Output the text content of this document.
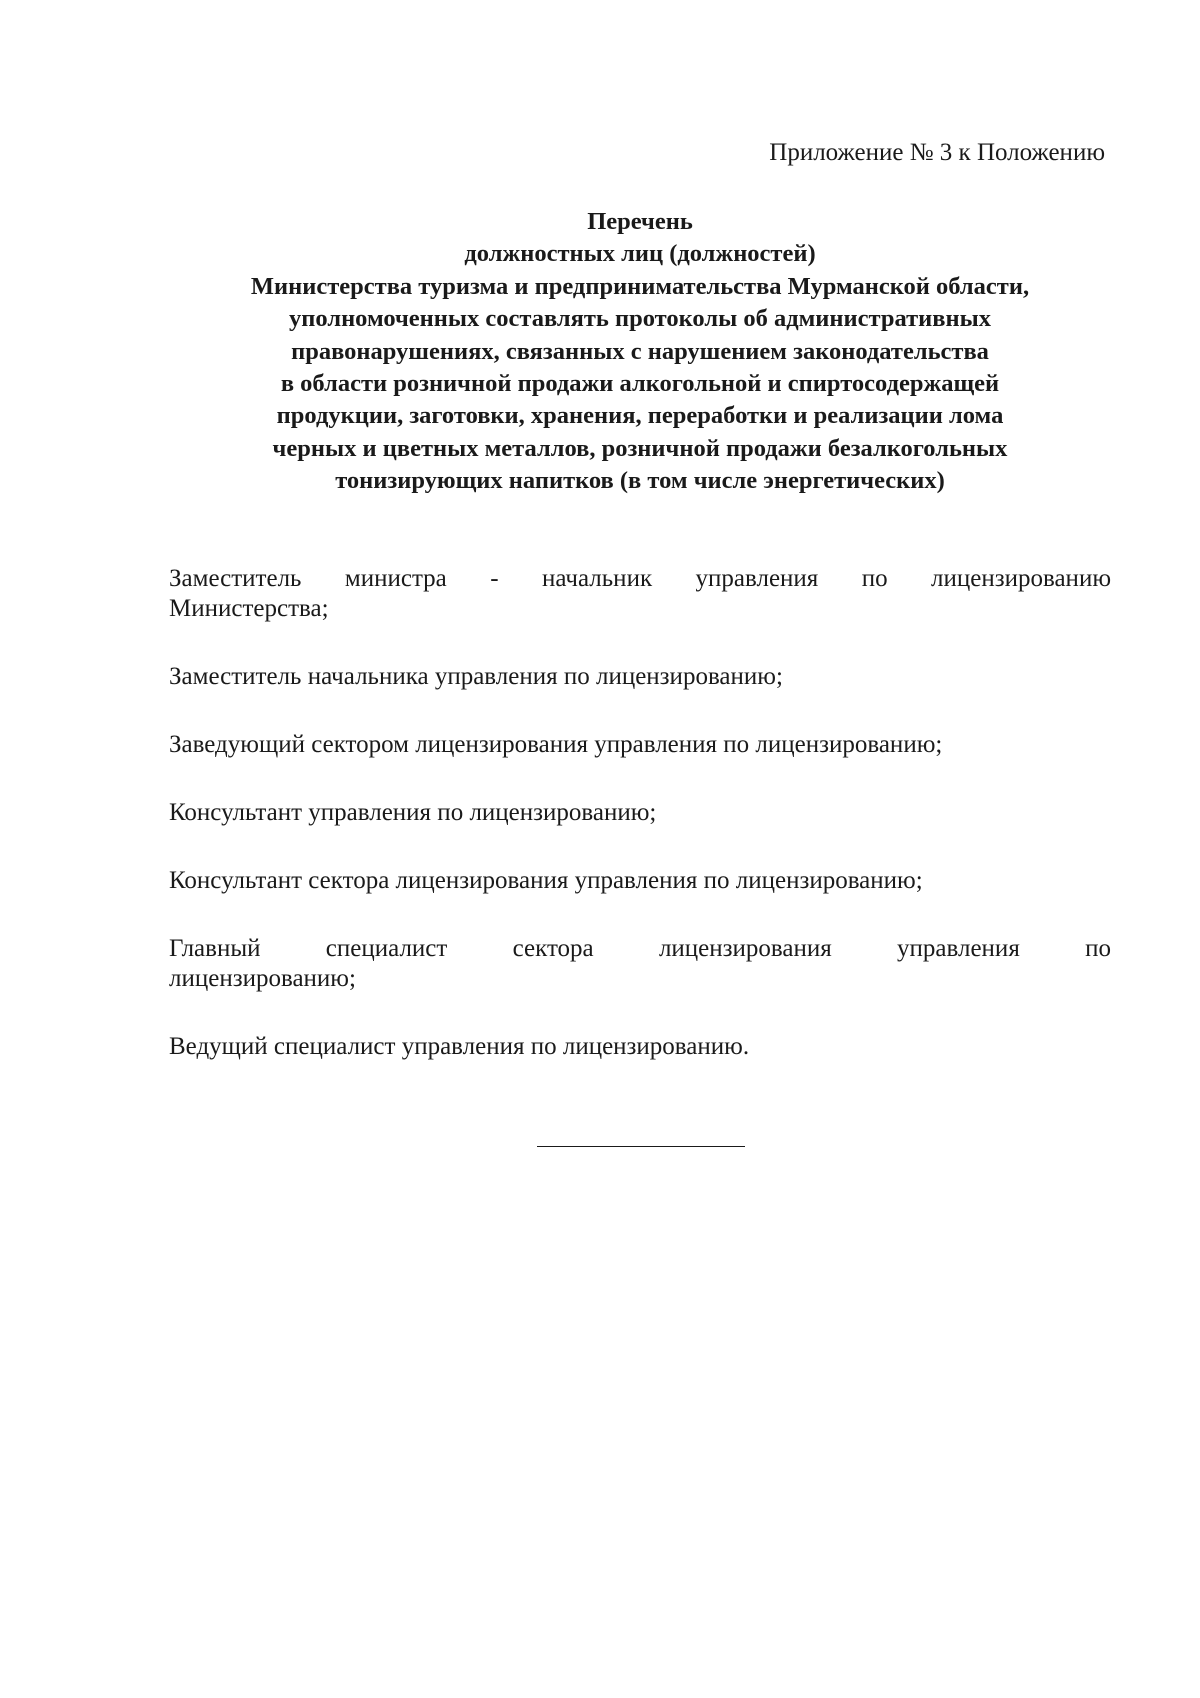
Приложение № 3 к Положению
Перечень
должностных лиц (должностей)
Министерства туризма и предпринимательства Мурманской области,
уполномоченных составлять протоколы об административных
правонарушениях, связанных с нарушением законодательства
в области розничной продажи алкогольной и спиртосодержащей
продукции, заготовки, хранения, переработки и реализации лома
черных и цветных металлов, розничной продажи безалкогольных
тонизирующих напитков (в том числе энергетических)
Заместитель министра - начальник управления по лицензированию
Министерства;
Заместитель начальника управления по лицензированию;
Заведующий сектором лицензирования управления по лицензированию;
Консультант управления по лицензированию;
Консультант сектора лицензирования управления по лицензированию;
Главный специалист сектора лицензирования управления по
лицензированию;
Ведущий специалист управления по лицензированию.
